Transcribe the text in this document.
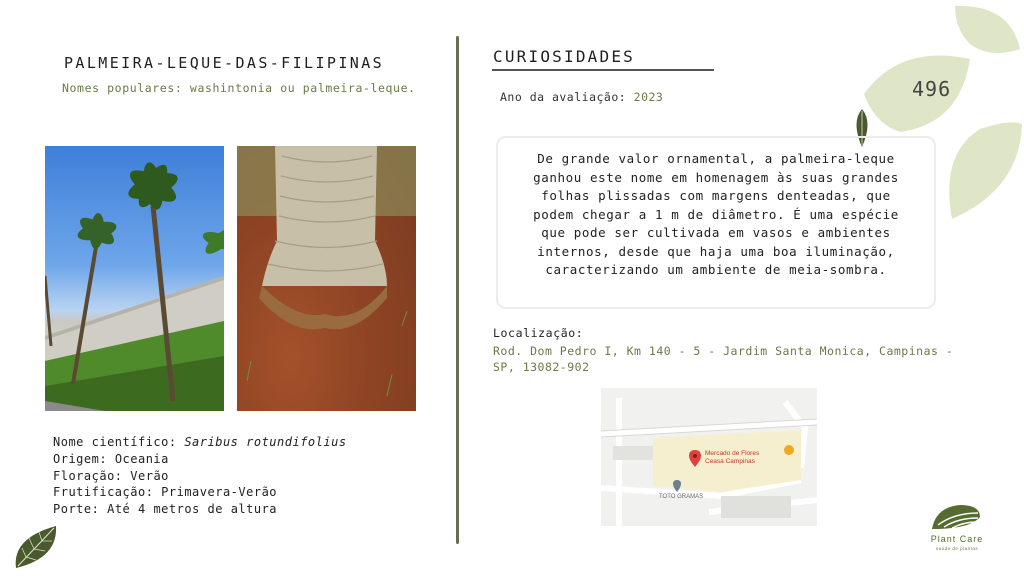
PALMEIRA-LEQUE-DAS-FILIPINAS
Nomes populares: washintonia ou palmeira-leque.
Nome científico: Saribus rotundifolius
Origem: Oceania
Floração: Verão
Frutificação: Primavera-Verão
Porte: Até 4 metros de altura
CURIOSIDADES
Ano da avaliação: 2023	496

De grande valor ornamental, a palmeira-leque ganhou este nome em homenagem às suas grandes folhas plissadas com margens denteadas, que podem chegar a 1 m de diâmetro. É uma espécie que pode ser cultivada em vasos e ambientes internos, desde que haja uma boa iluminação, caracterizando um ambiente de meia-sombra.

Localização:
Rod. Dom Pedro I, Km 140 - 5 - Jardim Santa Monica, Campinas - SP, 13082-902
Mercado de Flores
Ceasa Campinas
TOTO GRAMAS
Plant Care
saúde de plantas
